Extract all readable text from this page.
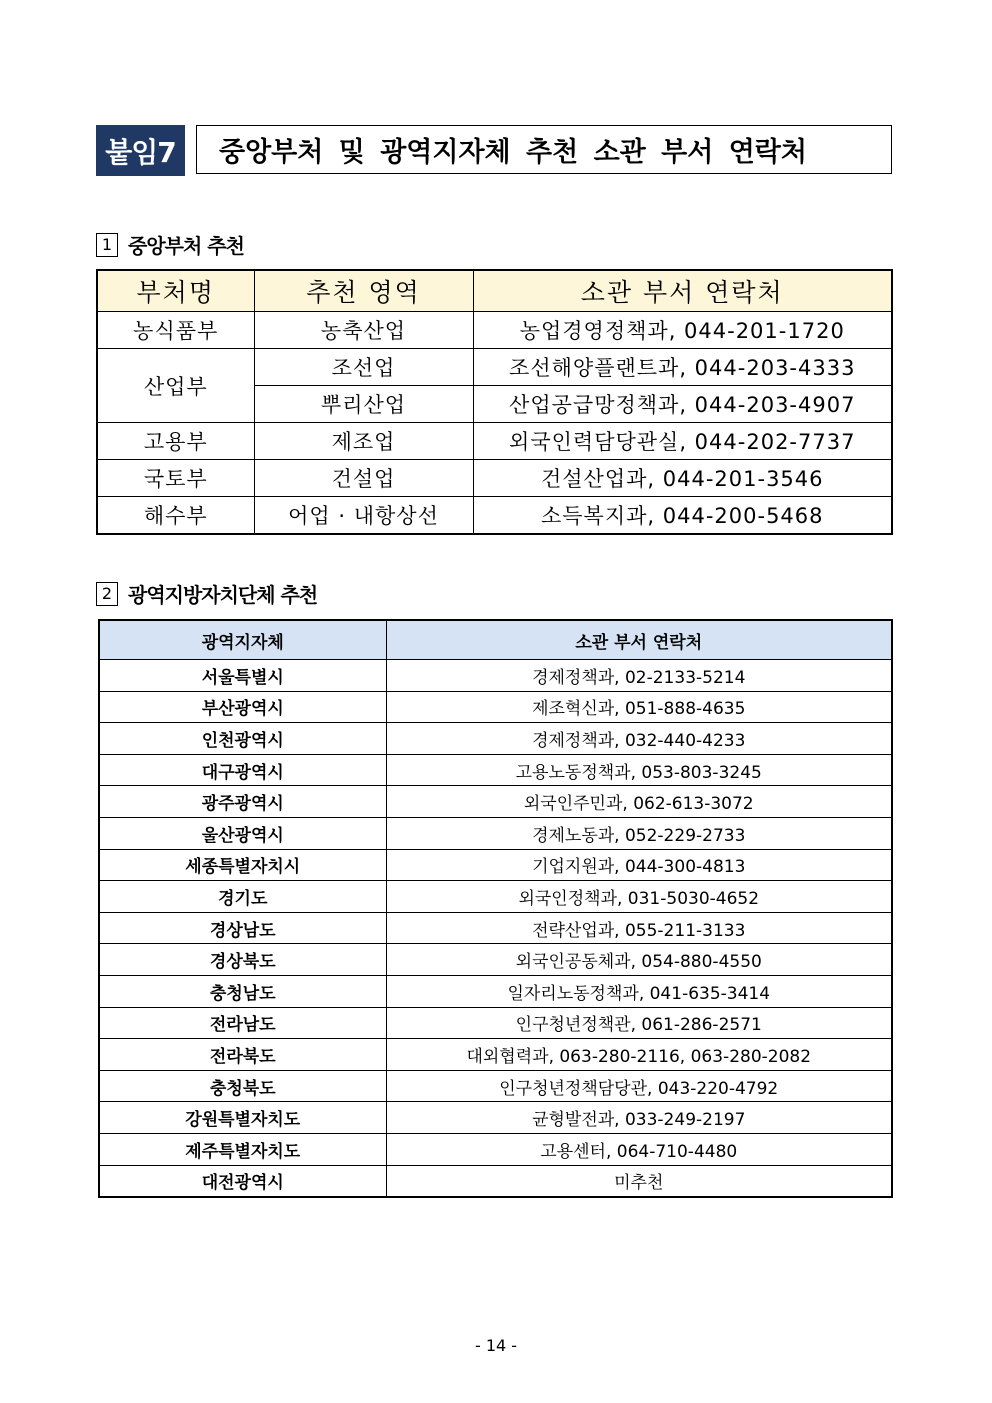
붙임7	중앙부처 및 광역지자체 추천 소관 부서 연락처
1 중앙부처 추천
부처명	추천 영역	소관 부서 연락처
농식품부	농축산업	농업경영정책과, 044-201-1720
산업부	조선업	조선해양플랜트과, 044-203-4333
	뿌리산업	산업공급망정책과, 044-203-4907
고용부	제조업	외국인력담당관실, 044-202-7737
국토부	건설업	건설산업과, 044-201-3546
해수부	어업 · 내항상선	소득복지과, 044-200-5468
2 광역지방자치단체 추천
광역지자체	소관 부서 연락처
서울특별시	경제정책과, 02-2133-5214
부산광역시	제조혁신과, 051-888-4635
인천광역시	경제정책과, 032-440-4233
대구광역시	고용노동정책과, 053-803-3245
광주광역시	외국인주민과, 062-613-3072
울산광역시	경제노동과, 052-229-2733
세종특별자치시	기업지원과, 044-300-4813
경기도	외국인정책과, 031-5030-4652
경상남도	전략산업과, 055-211-3133
경상북도	외국인공동체과, 054-880-4550
충청남도	일자리노동정책과, 041-635-3414
전라남도	인구청년정책관, 061-286-2571
전라북도	대외협력과, 063-280-2116, 063-280-2082
충청북도	인구청년정책담당관, 043-220-4792
강원특별자치도	균형발전과, 033-249-2197
제주특별자치도	고용센터, 064-710-4480
대전광역시	미추천
- 14 -
